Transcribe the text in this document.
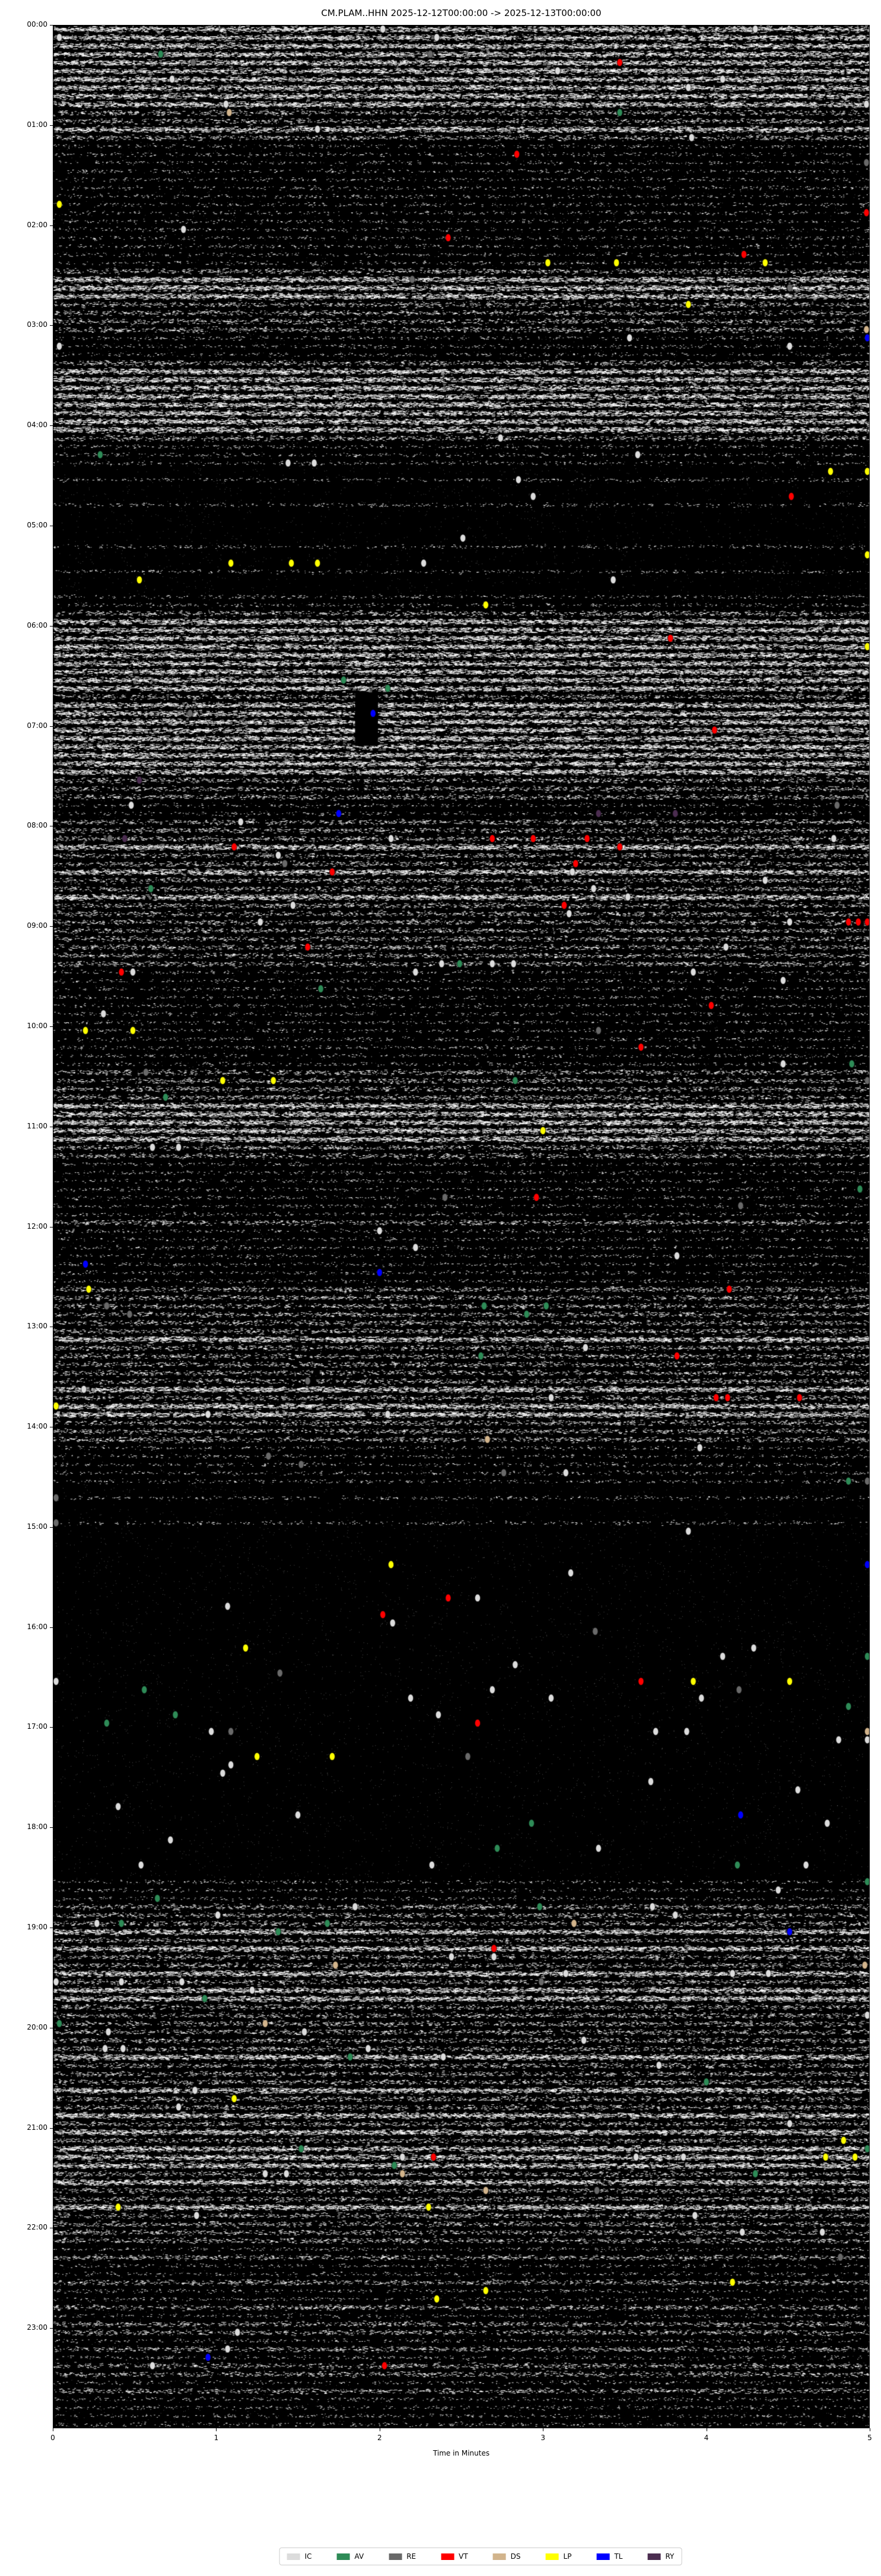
CM.PLAM..HHN 2025-12-12T00:00:00 -> 2025-12-13T00:00:00
00:00
01:00
02:00
03:00
04:00
05:00
06:00
07:00
08:00
09:00
10:00
11:00
12:00
13:00
14:00
15:00
16:00
17:00
18:00
19:00
20:00
21:00
22:00
23:00
0	1	2	3	4	5
Time in Minutes
IC	AV	RE	VT	DS	LP	TL	RY
